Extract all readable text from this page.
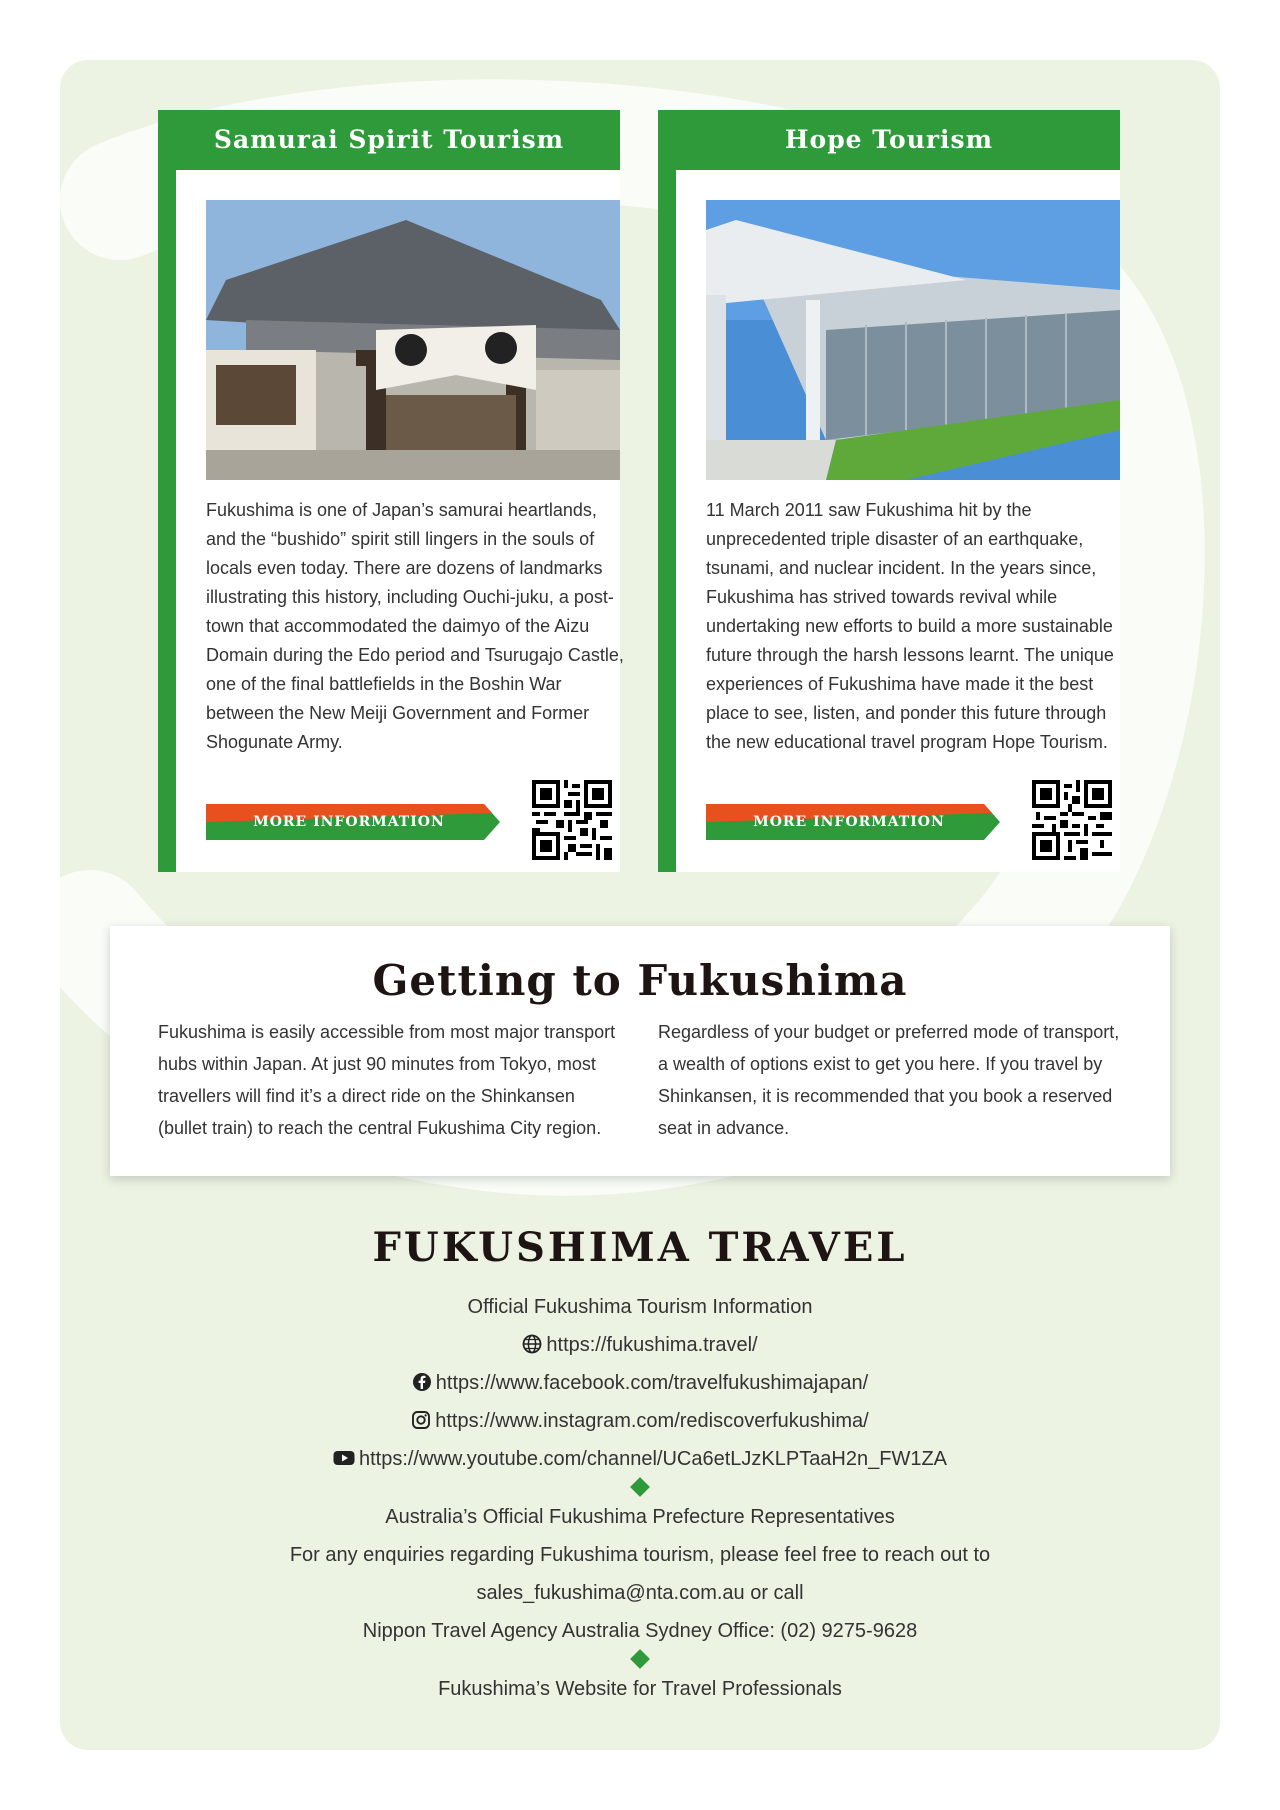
Samurai Spirit Tourism

Fukushima is one of Japan’s samurai heartlands, and the “bushido” spirit still lingers in the souls of locals even today. There are dozens of landmarks illustrating this history, including Ouchi-juku, a post-town that accommodated the daimyo of the Aizu Domain during the Edo period and Tsurugajo Castle, one of the final battlefields in the Boshin War between the New Meiji Government and Former Shogunate Army.

MORE INFORMATION
Hope Tourism

11 March 2011 saw Fukushima hit by the unprecedented triple disaster of an earthquake, tsunami, and nuclear incident. In the years since, Fukushima has strived towards revival while undertaking new efforts to build a more sustainable future through the harsh lessons learnt. The unique experiences of Fukushima have made it the best place to see, listen, and ponder this future through the new educational travel program Hope Tourism.

MORE INFORMATION
Getting to Fukushima

Fukushima is easily accessible from most major transport hubs within Japan. At just 90 minutes from Tokyo, most travellers will find it’s a direct ride on the Shinkansen (bullet train) to reach the central Fukushima City region.

Regardless of your budget or preferred mode of transport, a wealth of options exist to get you here. If you travel by Shinkansen, it is recommended that you book a reserved seat in advance.

FUKUSHIMA TRAVEL
Official Fukushima Tourism Information
https://fukushima.travel/
https://www.facebook.com/travelfukushimajapan/
https://www.instagram.com/rediscoverfukushima/
https://www.youtube.com/channel/UCa6etLJzKLPTaaH2n_FW1ZA
Australia’s Official Fukushima Prefecture Representatives
For any enquiries regarding Fukushima tourism, please feel free to reach out to
sales_fukushima@nta.com.au or call
Nippon Travel Agency Australia Sydney Office: (02) 9275-9628
Fukushima’s Website for Travel Professionals
